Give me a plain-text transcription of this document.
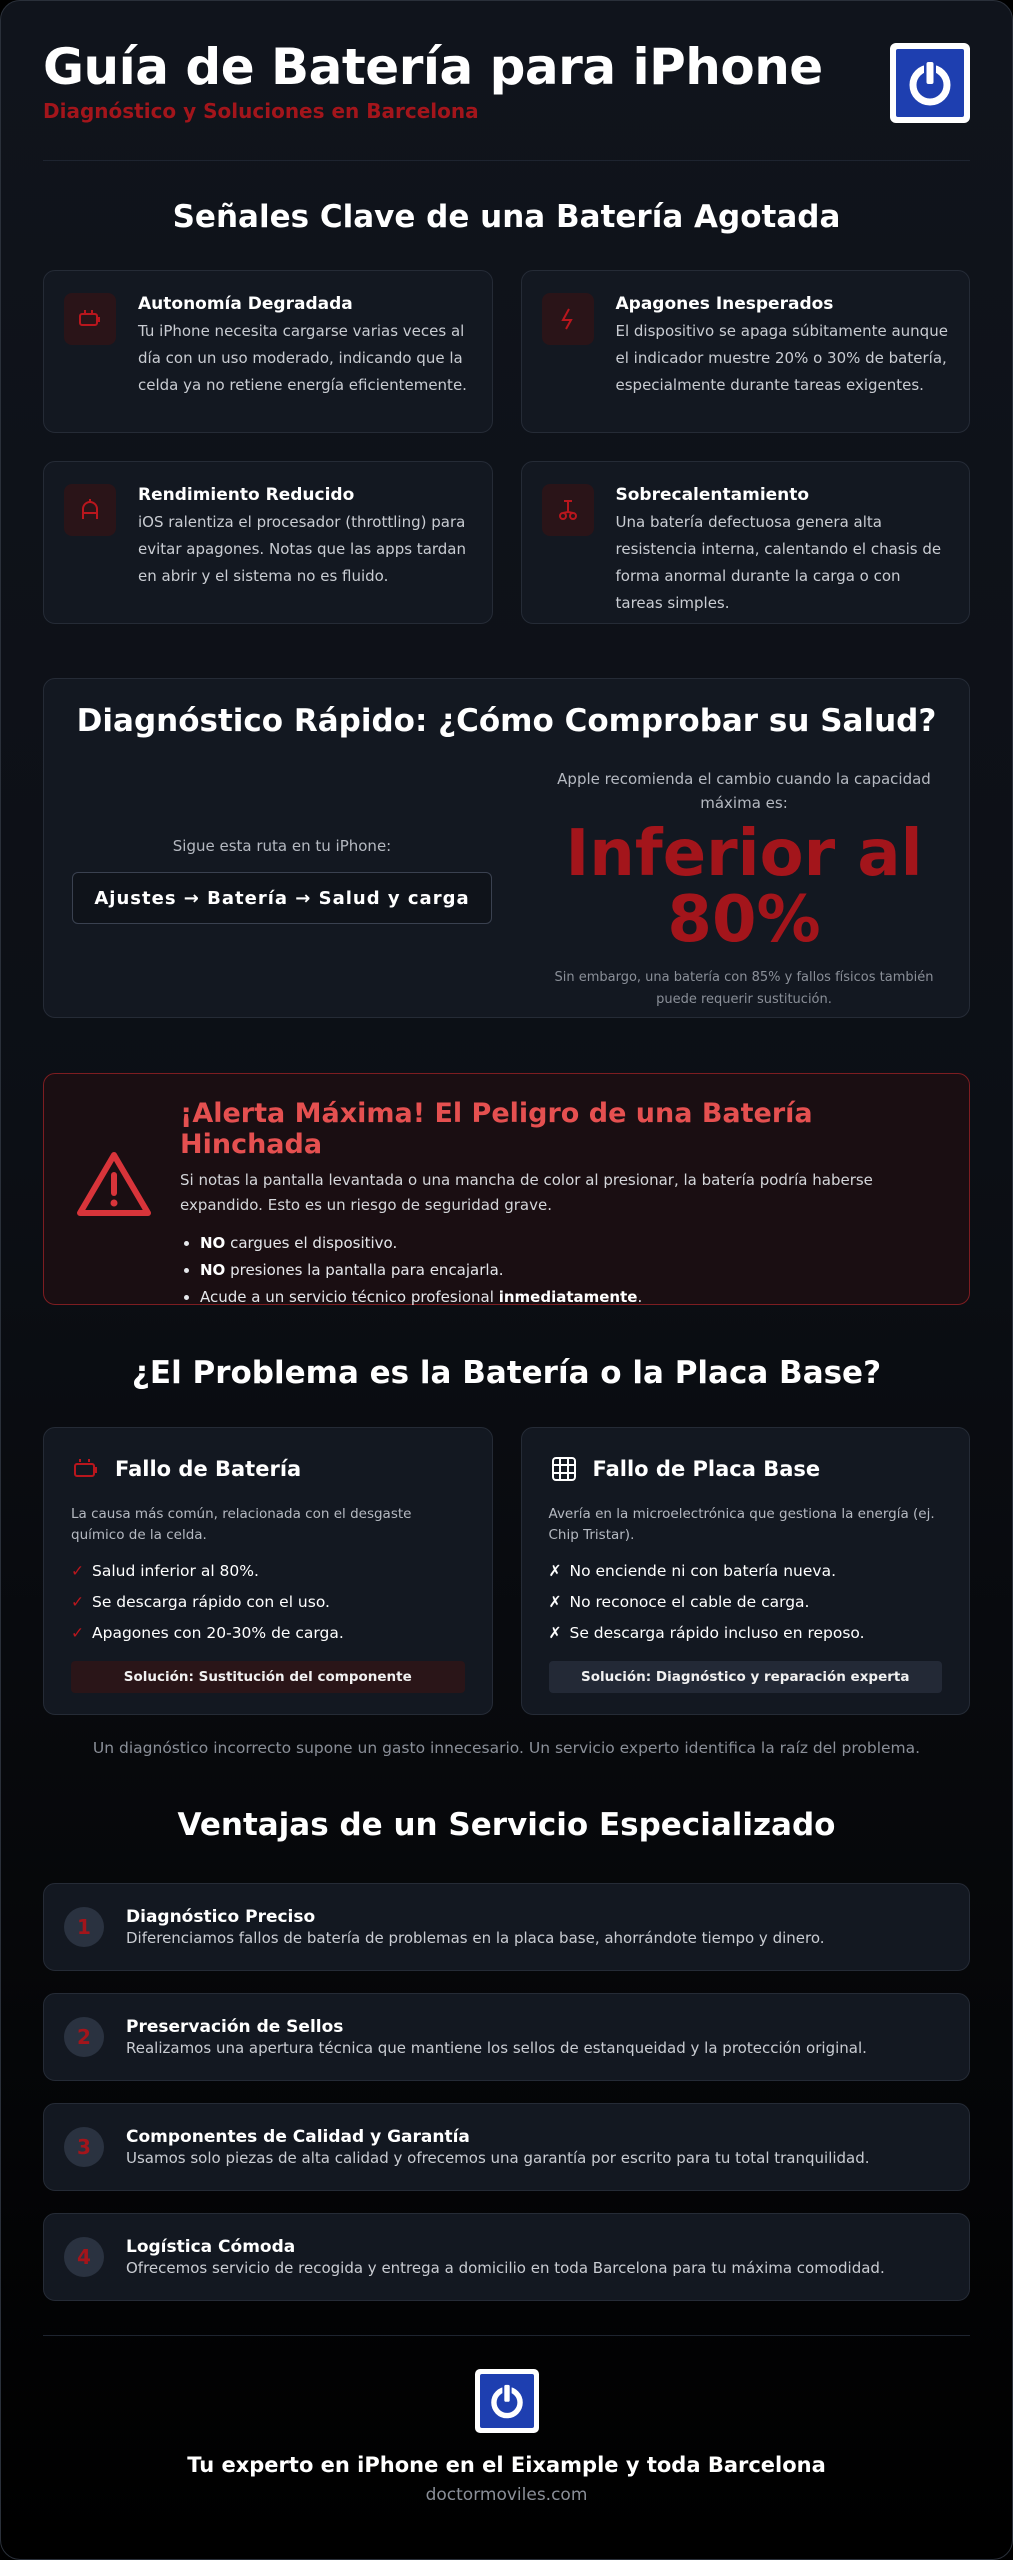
Guía de Batería para iPhone

Diagnóstico y Soluciones en Barcelona

Señales Clave de una Batería Agotada

Autonomía Degradada

Tu iPhone necesita cargarse varias veces al día con un uso moderado, indicando que la celda ya no retiene energía eficientemente.

Apagones Inesperados

El dispositivo se apaga súbitamente aunque el indicador muestre 20% o 30% de batería, especialmente durante tareas exigentes.

Rendimiento Reducido

iOS ralentiza el procesador (throttling) para evitar apagones. Notas que las apps tardan en abrir y el sistema no es fluido.

Sobrecalentamiento

Una batería defectuosa genera alta resistencia interna, calentando el chasis de forma anormal durante la carga o con tareas simples.

Diagnóstico Rápido: ¿Cómo Comprobar su Salud?
Sigue esta ruta en tu iPhone:
Ajustes → Batería → Salud y carga
Apple recomienda el cambio cuando la capacidad máxima es:
Inferior al 80%
Sin embargo, una batería con 85% y fallos físicos también puede requerir sustitución.
¡Alerta Máxima! El Peligro de una Batería Hinchada

Si notas la pantalla levantada o una mancha de color al presionar, la batería podría haberse expandido. Esto es un riesgo de seguridad grave.

• NO cargues el dispositivo.
• NO presiones la pantalla para encajarla.
• Acude a un servicio técnico profesional inmediatamente.
¿El Problema es la Batería o la Placa Base?
Fallo de Batería

La causa más común, relacionada con el desgaste químico de la celda.

✓ Salud inferior al 80%.
✓ Se descarga rápido con el uso.
✓ Apagones con 20-30% de carga.
Solución: Sustitución del componente
Fallo de Placa Base

Avería en la microelectrónica que gestiona la energía (ej. Chip Tristar).

✗ No enciende ni con batería nueva.
✗ No reconoce el cable de carga.
✗ Se descarga rápido incluso en reposo.
Solución: Diagnóstico y reparación experta

Un diagnóstico incorrecto supone un gasto innecesario. Un servicio experto identifica la raíz del problema.

Ventajas de un Servicio Especializado
1	Diagnóstico Preciso

Diferenciamos fallos de batería de problemas en la placa base, ahorrándote tiempo y dinero.

2	Preservación de Sellos

Realizamos una apertura técnica que mantiene los sellos de estanqueidad y la protección original.

3	Componentes de Calidad y Garantía

Usamos solo piezas de alta calidad y ofrecemos una garantía por escrito para tu total tranquilidad.

4	Logística Cómoda

Ofrecemos servicio de recogida y entrega a domicilio en toda Barcelona para tu máxima comodidad.

Tu experto en iPhone en el Eixample y toda Barcelona
doctormoviles.com
